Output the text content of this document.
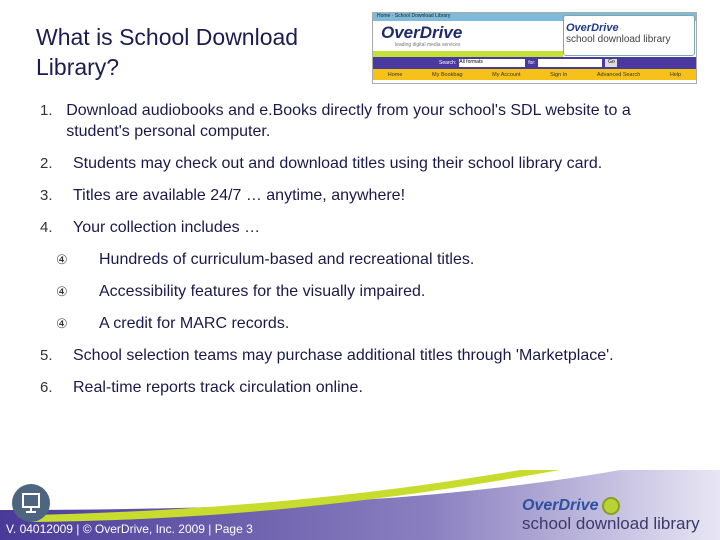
What is School Download Library?
Home · School Download Library
OverDrive
leading digital media services
OverDrive
school download library
Search: All formats	for:	Go
Home	My Bookbag	My Account	Sign In	Advanced Search	Help
1. Download audiobooks and e.Books directly from your school's SDL website to a student's personal computer.
2.	Students may check out and download titles using their school library card.
3.	Titles are available 24/7 … anytime, anywhere!
4.	Your collection includes …
④	Hundreds of curriculum-based and recreational titles.
④	Accessibility features for the visually impaired.
④	A credit for MARC records.
5.	School selection teams may purchase additional titles through 'Marketplace'.
6.	Real-time reports track circulation online.
V. 04012009 | © OverDrive, Inc. 2009 | Page 3
OverDrive
school download library
